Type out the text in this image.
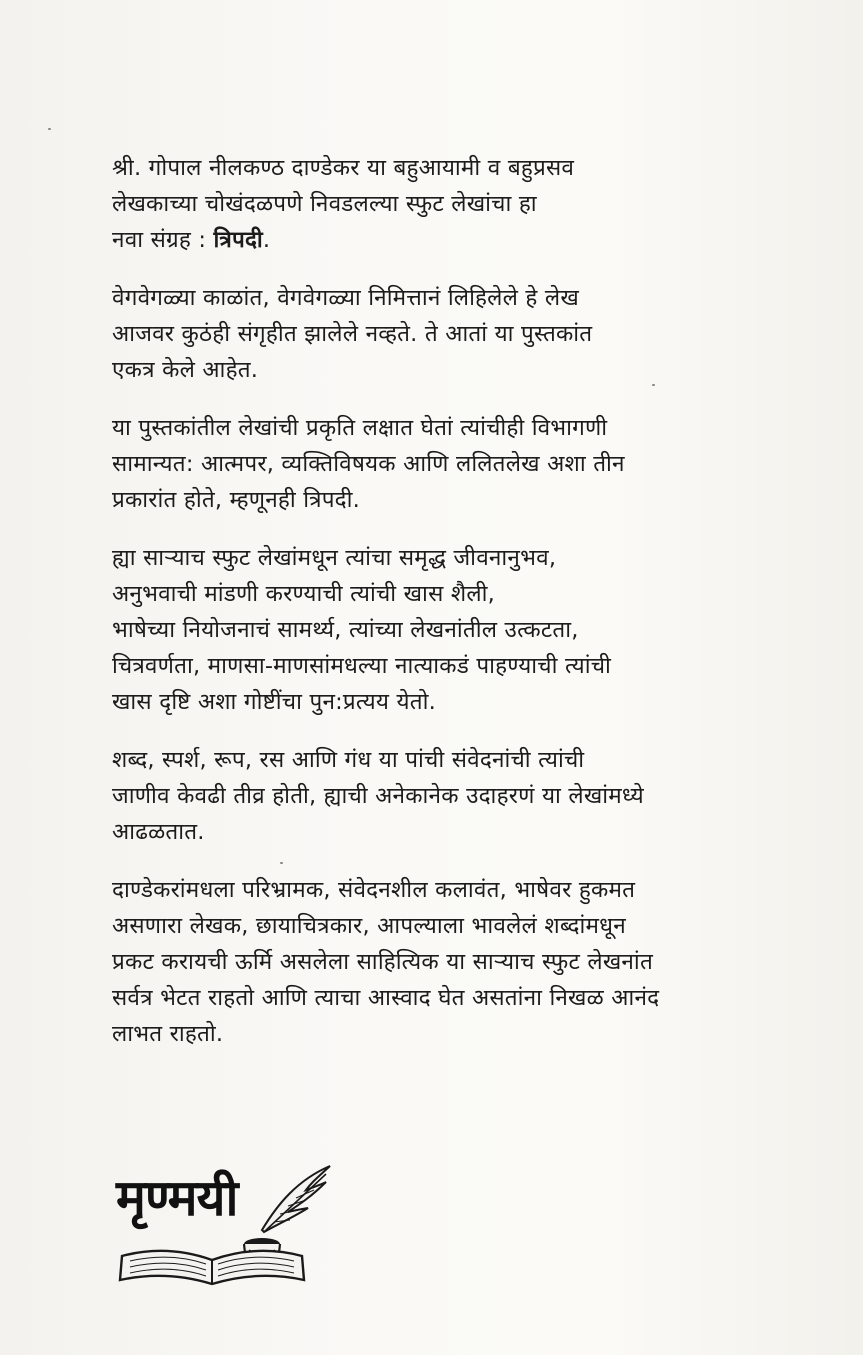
श्री. गोपाल नीलकण्ठ दाण्डेकर या बहुआयामी व बहुप्रसव
लेखकाच्या चोखंदळपणे निवडलल्या स्फुट लेखांचा हा
नवा संग्रह : त्रिपदी.

वेगवेगळ्या काळांत, वेगवेगळ्या निमित्तानं लिहिलेले हे लेख
आजवर कुठंही संगृहीत झालेले नव्हते. ते आतां या पुस्तकांत
एकत्र केले आहेत.

या पुस्तकांतील लेखांची प्रकृति लक्षात घेतां त्यांचीही विभागणी
सामान्यत: आत्मपर, व्यक्तिविषयक आणि ललितलेख अशा तीन
प्रकारांत होते, म्हणूनही त्रिपदी.

ह्या साऱ्याच स्फुट लेखांमधून त्यांचा समृद्ध जीवनानुभव,
अनुभवाची मांडणी करण्याची त्यांची खास शैली,
भाषेच्या नियोजनाचं सामर्थ्य, त्यांच्या लेखनांतील उत्कटता,
चित्रवर्णता, माणसा-माणसांमधल्या नात्याकडं पाहण्याची त्यांची
खास दृष्टि अशा गोष्टींचा पुन:प्रत्यय येतो.

शब्द, स्पर्श, रूप, रस आणि गंध या पांची संवेदनांची त्यांची
जाणीव केवढी तीव्र होती, ह्याची अनेकानेक उदाहरणं या लेखांमध्ये
आढळतात.

दाण्डेकरांमधला परिभ्रामक, संवेदनशील कलावंत, भाषेवर हुकमत
असणारा लेखक, छायाचित्रकार, आपल्याला भावलेलं शब्दांमधून
प्रकट करायची ऊर्मि असलेला साहित्यिक या साऱ्याच स्फुट लेखनांत
सर्वत्र भेटत राहतो आणि त्याचा आस्वाद घेत असतांना निखळ आनंद
लाभत राहतो.

मृण्मयी
